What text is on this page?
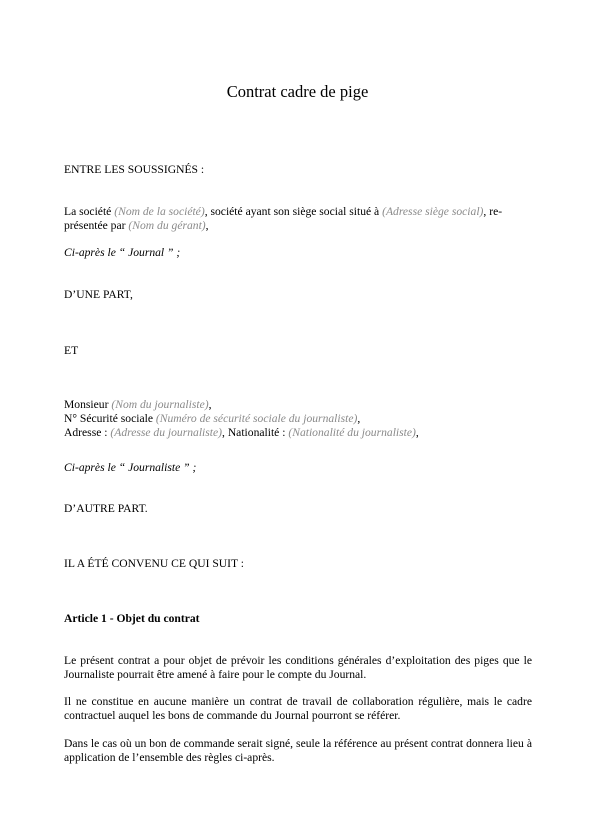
Contrat cadre de pige
ENTRE LES SOUSSIGNÉS :
La société (Nom de la société), société ayant son siège social situé à (Adresse siège social), re-
présentée par (Nom du gérant),
Ci-après le “ Journal ” ;
D’UNE PART,
ET
Monsieur (Nom du journaliste),
N° Sécurité sociale (Numéro de sécurité sociale du journaliste),
Adresse : (Adresse du journaliste), Nationalité : (Nationalité du journaliste),
Ci-après le “ Journaliste ” ;
D’AUTRE PART.
IL A ÉTÉ CONVENU CE QUI SUIT :
Article 1 - Objet du contrat
Le présent contrat a pour objet de prévoir les conditions générales d’exploitation des piges que le Journaliste pourrait être amené à faire pour le compte du Journal.
Il ne constitue en aucune manière un contrat de travail de collaboration régulière, mais le cadre contractuel auquel les bons de commande du Journal pourront se référer.
Dans le cas où un bon de commande serait signé, seule la référence au présent contrat donnera lieu à application de l’ensemble des règles ci-après.
